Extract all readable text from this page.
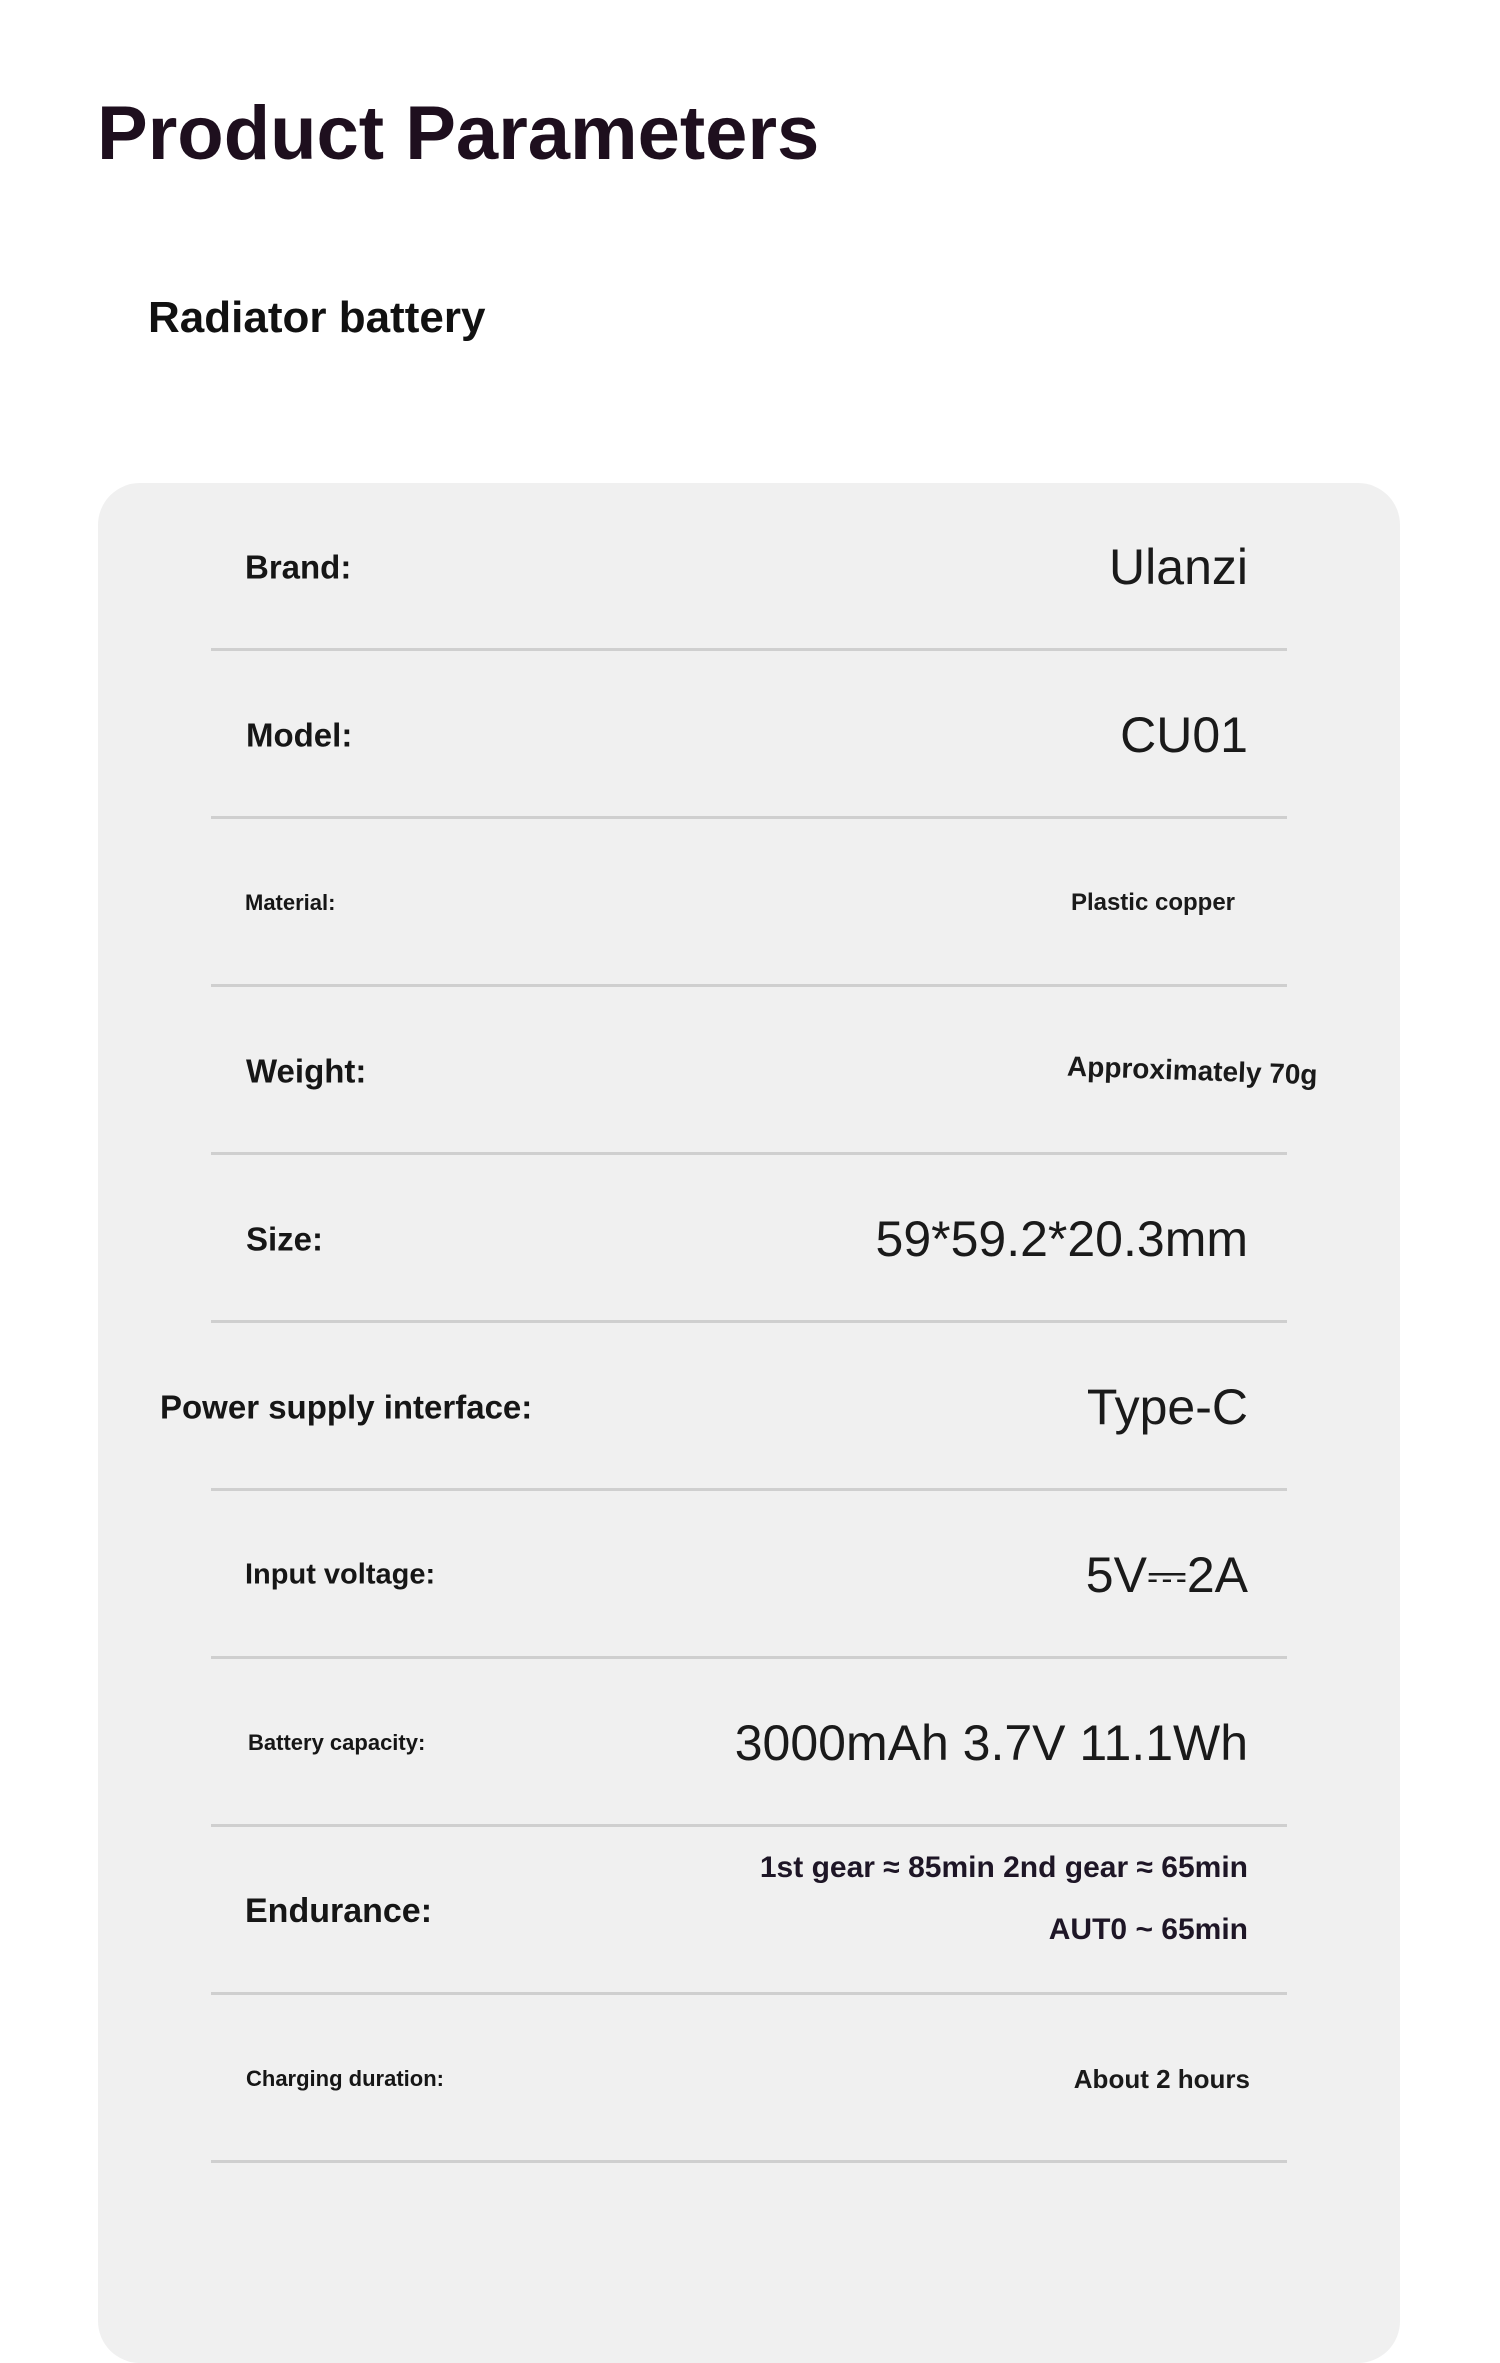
Product Parameters
Radiator battery
Brand:	Ulanzi
Model:	CU01
Material:	Plastic copper
Weight:	Approximately 70g
Size:	59*59.2*20.3mm
Power supply interface:	Type-C
Input voltage:	5V⎓2A
Battery capacity:	3000mAh 3.7V 11.1Wh
Endurance:
1st gear ≈ 85min 2nd gear ≈ 65min
AUT0 ~ 65min
Charging duration:	About 2 hours
